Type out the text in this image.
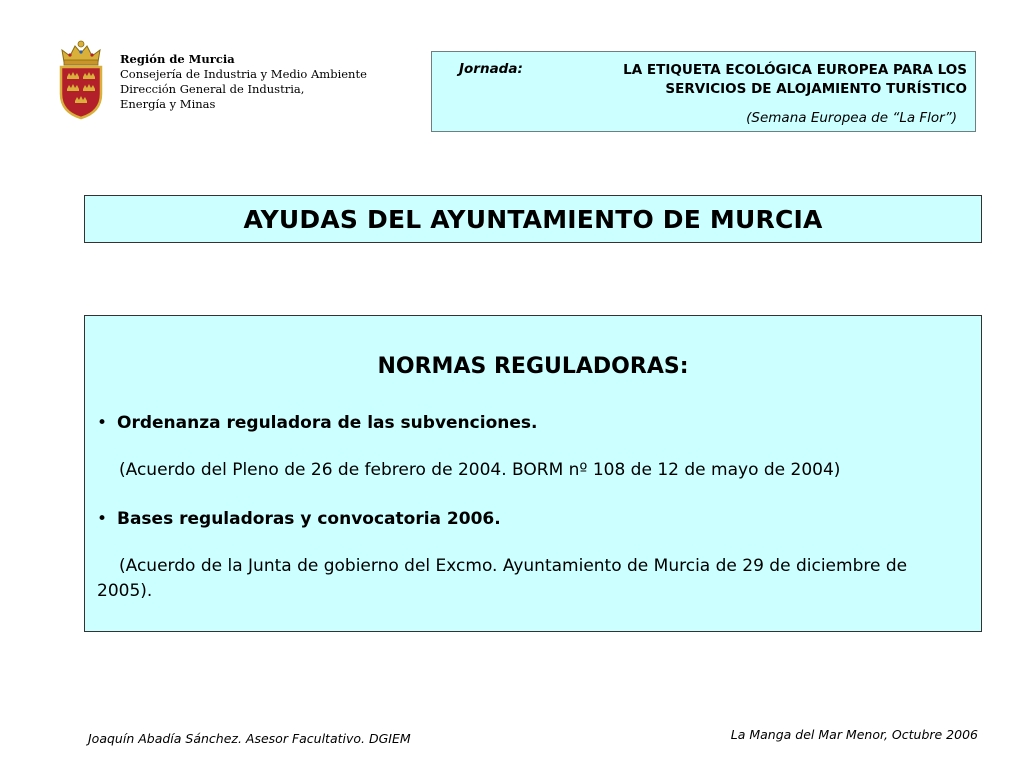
Región de Murcia
Consejería de Industria y Medio Ambiente
Dirección General de Industria,
Energía y Minas
Jornada:	LA ETIQUETA ECOLÓGICA EUROPEA PARA LOS
SERVICIOS DE ALOJAMIENTO TURÍSTICO
(Semana Europea de “La Flor”)
AYUDAS DEL AYUNTAMIENTO DE MURCIA
NORMAS REGULADORAS:
• Ordenanza reguladora de las subvenciones.
(Acuerdo del Pleno de 26 de febrero de 2004. BORM nº 108 de 12 de mayo de 2004)
• Bases reguladoras y convocatoria 2006.
(Acuerdo de la Junta de gobierno del Excmo. Ayuntamiento de Murcia de 29 de diciembre de 2005).
Joaquín Abadía Sánchez. Asesor Facultativo. DGIEM	La Manga del Mar Menor, Octubre 2006
